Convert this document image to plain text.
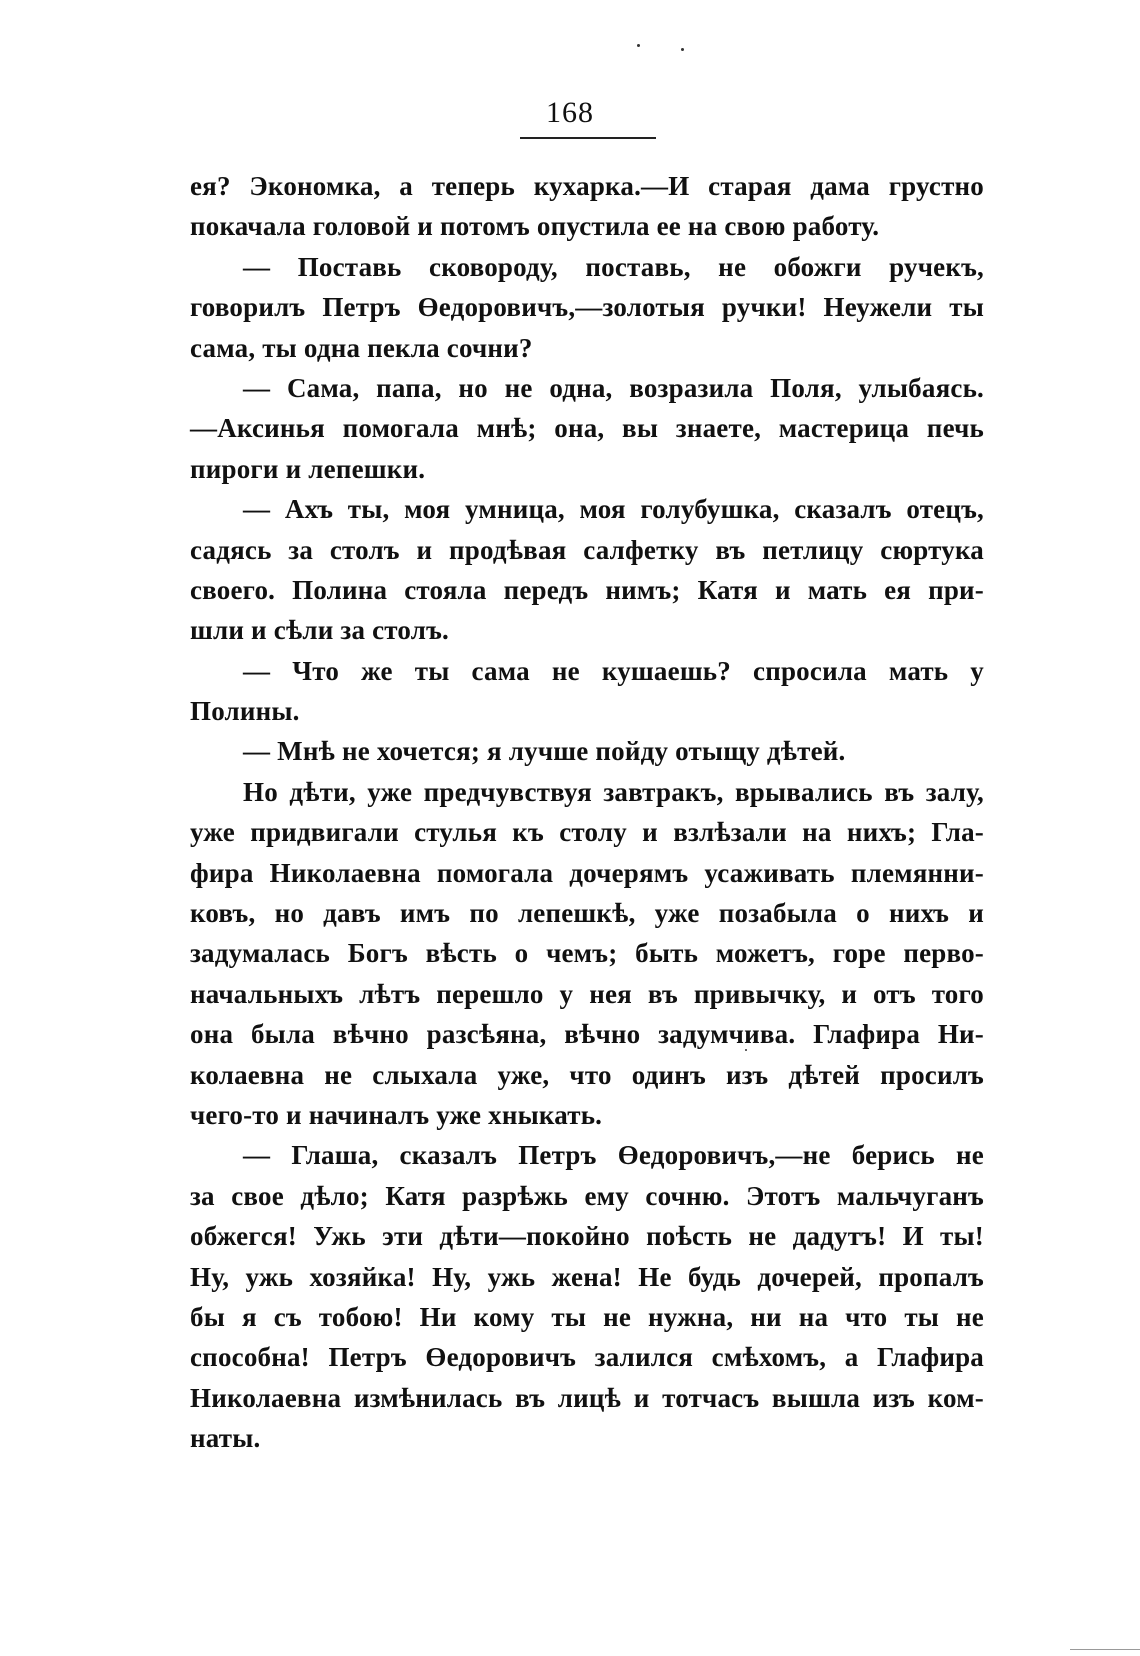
168
ея? Экономка, а теперь кухарка.—И старая дама грустно
покачала головой и потомъ опустила ее на свою работу.
— Поставь сковороду, поставь, не обожги ручекъ,
говорилъ Петръ Өедоровичъ,—золотыя ручки! Неужели ты
сама, ты одна пекла сочни?
— Сама, папа, но не одна, возразила Поля, улыбаясь.
—Аксинья помогала мнѣ; она, вы знаете, мастерица печь
пироги и лепешки.
— Ахъ ты, моя умница, моя голубушка, сказалъ отецъ,
садясь за столъ и продѣвая салфетку въ петлицу сюртука
своего. Полина стояла передъ нимъ; Катя и мать ея при-
шли и сѣли за столъ.
— Что же ты сама не кушаешь? спросила мать у
Полины.
— Мнѣ не хочется; я лучше пойду отыщу дѣтей.
Но дѣти, уже предчувствуя завтракъ, врывались въ залу,
уже придвигали стулья къ столу и взлѣзали на нихъ; Гла-
фира Николаевна помогала дочерямъ усаживать племянни-
ковъ, но давъ имъ по лепешкѣ, уже позабыла о нихъ и
задумалась Богъ вѣсть о чемъ; быть можетъ, горе перво-
начальныхъ лѣтъ перешло у нея въ привычку, и отъ того
она была вѣчно разсѣяна, вѣчно задумчива. Глафира Ни-
колаевна не слыхала уже, что одинъ изъ дѣтей просилъ
чего-то и начиналъ уже хныкать.
— Глаша, сказалъ Петръ Өедоровичъ,—не берись не
за свое дѣло; Катя разрѣжь ему сочню. Этотъ мальчуганъ
обжегся! Ужь эти дѣти—покойно поѣсть не дадутъ! И ты!
Ну, ужь хозяйка! Ну, ужь жена! Не будь дочерей, пропалъ
бы я съ тобою! Ни кому ты не нужна, ни на что ты не
способна! Петръ Өедоровичъ залился смѣхомъ, а Глафира
Николаевна измѣнилась въ лицѣ и тотчасъ вышла изъ ком-
наты.
